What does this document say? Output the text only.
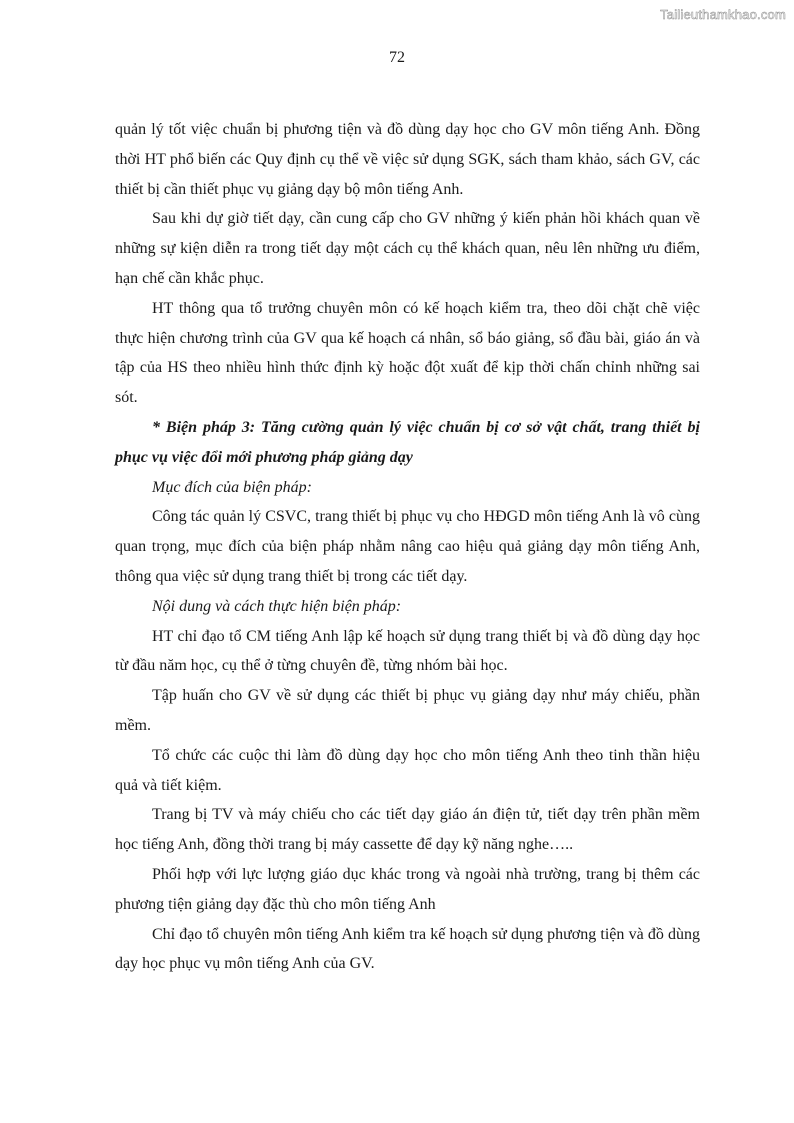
Tailieuthamkhao.com
72

quản lý tốt việc chuẩn bị phương tiện và đồ dùng dạy học cho GV môn tiếng Anh. Đồng thời HT phổ biến các Quy định cụ thể về việc sử dụng SGK, sách tham khảo, sách GV, các thiết bị cần thiết phục vụ giảng dạy bộ môn tiếng Anh.

Sau khi dự giờ tiết dạy, cần cung cấp cho GV những ý kiến phản hồi khách quan về những sự kiện diễn ra trong tiết dạy một cách cụ thể khách quan, nêu lên những ưu điểm, hạn chế cần khắc phục.

HT thông qua tổ trưởng chuyên môn có kế hoạch kiểm tra, theo dõi chặt chẽ việc thực hiện chương trình của GV qua kế hoạch cá nhân, sổ báo giảng, sổ đầu bài, giáo án và tập của HS theo nhiều hình thức định kỳ hoặc đột xuất để kịp thời chấn chỉnh những sai sót.

* Biện pháp 3: Tăng cường quản lý việc chuẩn bị cơ sở vật chất, trang thiết bị phục vụ việc đổi mới phương pháp giảng dạy

Mục đích của biện pháp:

Công tác quản lý CSVC, trang thiết bị phục vụ cho HĐGD môn tiếng Anh là vô cùng quan trọng, mục đích của biện pháp nhằm nâng cao hiệu quả giảng dạy môn tiếng Anh, thông qua việc sử dụng trang thiết bị trong các tiết dạy.

Nội dung và cách thực hiện biện pháp:

HT chỉ đạo tổ CM tiếng Anh lập kế hoạch sử dụng trang thiết bị và đồ dùng dạy học từ đầu năm học, cụ thể ở từng chuyên đề, từng nhóm bài học.

Tập huấn cho GV về sử dụng các thiết bị phục vụ giảng dạy như máy chiếu, phần mềm.

Tổ chức các cuộc thi làm đồ dùng dạy học cho môn tiếng Anh theo tinh thần hiệu quả và tiết kiệm.

Trang bị TV và máy chiếu cho các tiết dạy giáo án điện tử, tiết dạy trên phần mềm học tiếng Anh, đồng thời trang bị máy cassette để dạy kỹ năng nghe…..

Phối hợp với lực lượng giáo dục khác trong và ngoài nhà trường, trang bị thêm các phương tiện giảng dạy đặc thù cho môn tiếng Anh

Chỉ đạo tổ chuyên môn tiếng Anh kiểm tra kế hoạch sử dụng phương tiện và đồ dùng dạy học phục vụ môn tiếng Anh của GV.
